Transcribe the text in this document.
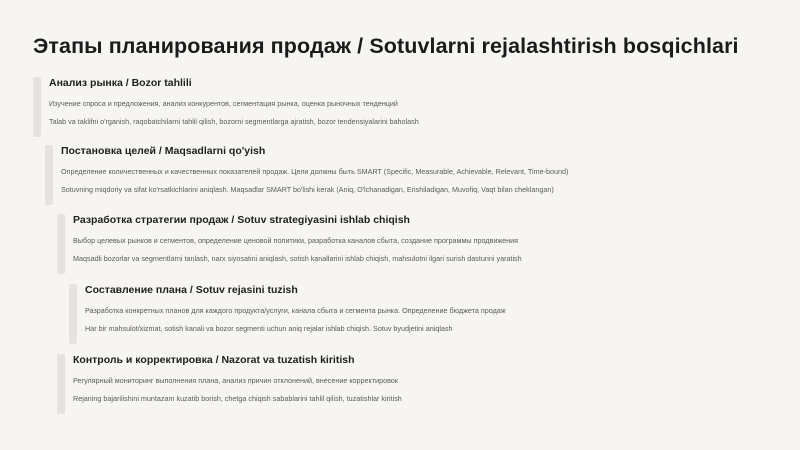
Этапы планирования продаж / Sotuvlarni rejalashtirish bosqichlari
Анализ рынка / Bozor tahlili
Изучение спроса и предложения, анализ конкурентов, сегментация рынка, оценка рыночных тенденций
Talab va taklifni o'rganish, raqobatchilarni tahlil qilish, bozorni segmentlarga ajratish, bozor tendensiyalarini baholash
Постановка целей / Maqsadlarni qo'yish
Определение количественных и качественных показателей продаж. Цели должны быть SMART (Specific, Measurable, Achievable, Relevant, Time-bound)
Sotuvning miqdoriy va sifat ko'rsatkichlarini aniqlash. Maqsadlar SMART bo'lishi kerak (Aniq, O'lchanadigan, Erishiladigan, Muvofiq, Vaqt bilan cheklangan)
Разработка стратегии продаж / Sotuv strategiyasini ishlab chiqish
Выбор целевых рынков и сегментов, определение ценовой политики, разработка каналов сбыта, создание программы продвижения
Maqsadli bozorlar va segmentlarni tanlash, narx siyosatini aniqlash, sotish kanallarini ishlab chiqish, mahsulotni ilgari surish dasturini yaratish
Составление плана / Sotuv rejasini tuzish
Разработка конкретных планов для каждого продукта/услуги, канала сбыта и сегмента рынка. Определение бюджета продаж
Har bir mahsulot/xizmat, sotish kanali va bozor segmenti uchun aniq rejalar ishlab chiqish. Sotuv byudjetini aniqlash
Контроль и корректировка / Nazorat va tuzatish kiritish
Регулярный мониторинг выполнения плана, анализ причин отклонений, внесение корректировок
Rejaning bajarilishini muntazam kuzatib borish, chetga chiqish sabablarini tahlil qilish, tuzatishlar kiritish
